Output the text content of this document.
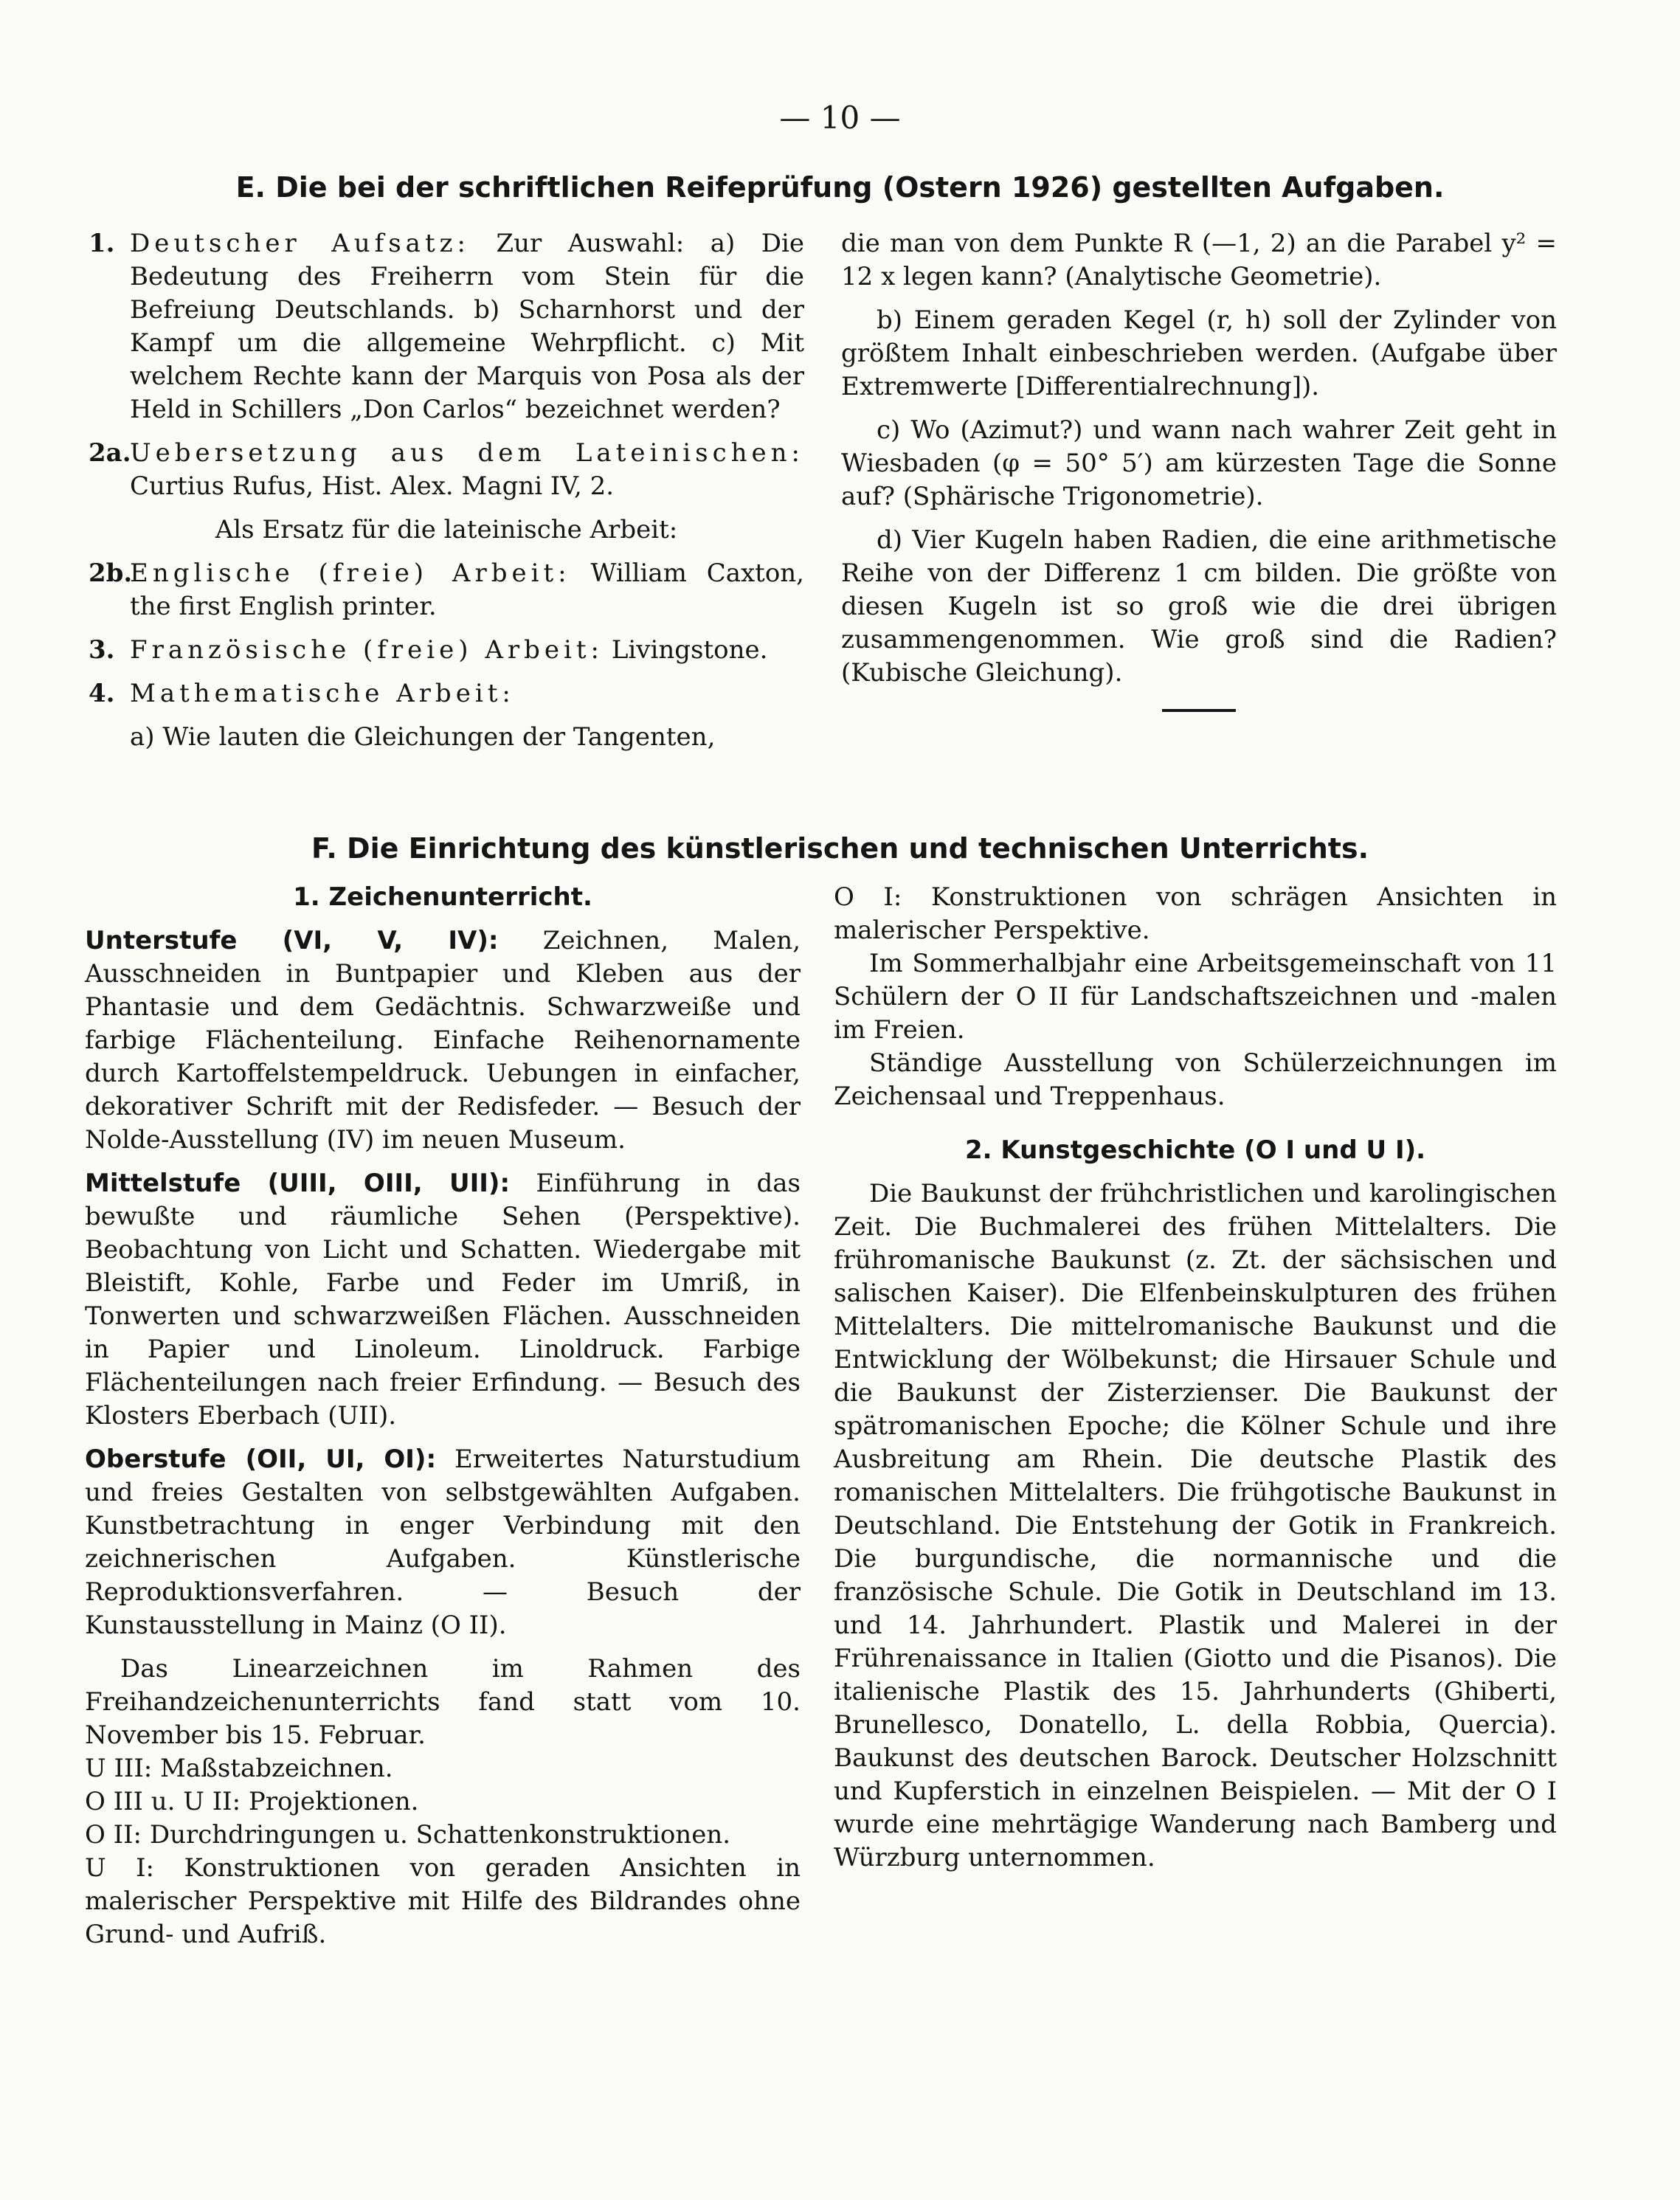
— 10 —
E. Die bei der schriftlichen Reifeprüfung (Ostern 1926) gestellten Aufgaben.
1. Deutscher Aufsatz: Zur Auswahl: a) Die Bedeutung des Freiherrn vom Stein für die Befreiung Deutschlands. b) Scharnhorst und der Kampf um die allgemeine Wehrpflicht. c) Mit welchem Rechte kann der Marquis von Posa als der Held in Schillers „Don Carlos“ bezeichnet werden?

2a.

Uebersetzung aus dem Lateinischen: Curtius Rufus, Hist. Alex. Magni IV, 2.

Als Ersatz für die lateinische Arbeit:

2b.

Englische (freie) Arbeit: William Caxton, the first English printer.

3. Französische (freie) Arbeit: Livingstone.

4. Mathematische Arbeit:

a) Wie lauten die Gleichungen der Tangenten,

die man von dem Punkte R (—1, 2) an die Parabel y² = 12 x legen kann? (Analytische Geometrie).

b) Einem geraden Kegel (r, h) soll der Zylinder von größtem Inhalt einbeschrieben werden. (Aufgabe über Extremwerte [Differentialrechnung]).

c) Wo (Azimut?) und wann nach wahrer Zeit geht in Wiesbaden (φ = 50° 5′) am kürzesten Tage die Sonne auf? (Sphärische Trigonometrie).

d) Vier Kugeln haben Radien, die eine arithmetische Reihe von der Differenz 1 cm bilden. Die größte von diesen Kugeln ist so groß wie die drei übrigen zusammengenommen. Wie groß sind die Radien? (Kubische Gleichung).

F. Die Einrichtung des künstlerischen und technischen Unterrichts.

1. Zeichenunterricht.

Unterstufe (VI, V, IV): Zeichnen, Malen, Ausschneiden in Buntpapier und Kleben aus der Phantasie und dem Gedächtnis. Schwarzweiße und farbige Flächenteilung. Einfache Reihenornamente durch Kartoffelstempeldruck. Uebungen in einfacher, dekorativer Schrift mit der Redisfeder. — Besuch der Nolde-Ausstellung (IV) im neuen Museum.

Mittelstufe (UIII, OIII, UII): Einführung in das bewußte und räumliche Sehen (Perspektive). Beobachtung von Licht und Schatten. Wiedergabe mit Bleistift, Kohle, Farbe und Feder im Umriß, in Tonwerten und schwarzweißen Flächen. Ausschneiden in Papier und Linoleum. Linoldruck. Farbige Flächenteilungen nach freier Erfindung. — Besuch des Klosters Eberbach (UII).

Oberstufe (OII, UI, OI): Erweitertes Naturstudium und freies Gestalten von selbstgewählten Aufgaben. Kunstbetrachtung in enger Verbindung mit den zeichnerischen Aufgaben. Künstlerische Reproduktionsverfahren. — Besuch der Kunstausstellung in Mainz (O II).

Das Linearzeichnen im Rahmen des Freihandzeichenunterrichts fand statt vom 10. November bis 15. Februar.

U III: Maßstabzeichnen.

O III u. U II: Projektionen.

O II: Durchdringungen u. Schattenkonstruktionen.

U I: Konstruktionen von geraden Ansichten in malerischer Perspektive mit Hilfe des Bildrandes ohne Grund- und Aufriß.

O I: Konstruktionen von schrägen Ansichten in malerischer Perspektive.

Im Sommerhalbjahr eine Arbeitsgemeinschaft von 11 Schülern der O II für Landschaftszeichnen und -malen im Freien.

Ständige Ausstellung von Schülerzeichnungen im Zeichensaal und Treppenhaus.

2. Kunstgeschichte (O I und U I).

Die Baukunst der frühchristlichen und karolingischen Zeit. Die Buchmalerei des frühen Mittelalters. Die frühromanische Baukunst (z. Zt. der sächsischen und salischen Kaiser). Die Elfenbeinskulpturen des frühen Mittelalters. Die mittelromanische Baukunst und die Entwicklung der Wölbekunst; die Hirsauer Schule und die Baukunst der Zisterzienser. Die Baukunst der spätromanischen Epoche; die Kölner Schule und ihre Ausbreitung am Rhein. Die deutsche Plastik des romanischen Mittelalters. Die frühgotische Baukunst in Deutschland. Die Entstehung der Gotik in Frankreich. Die burgundische, die normannische und die französische Schule. Die Gotik in Deutschland im 13. und 14. Jahrhundert. Plastik und Malerei in der Frührenaissance in Italien (Giotto und die Pisanos). Die italienische Plastik des 15. Jahrhunderts (Ghiberti, Brunellesco, Donatello, L. della Robbia, Quercia). Baukunst des deutschen Barock. Deutscher Holzschnitt und Kupferstich in einzelnen Beispielen. — Mit der O I wurde eine mehrtägige Wanderung nach Bamberg und Würzburg unternommen.
